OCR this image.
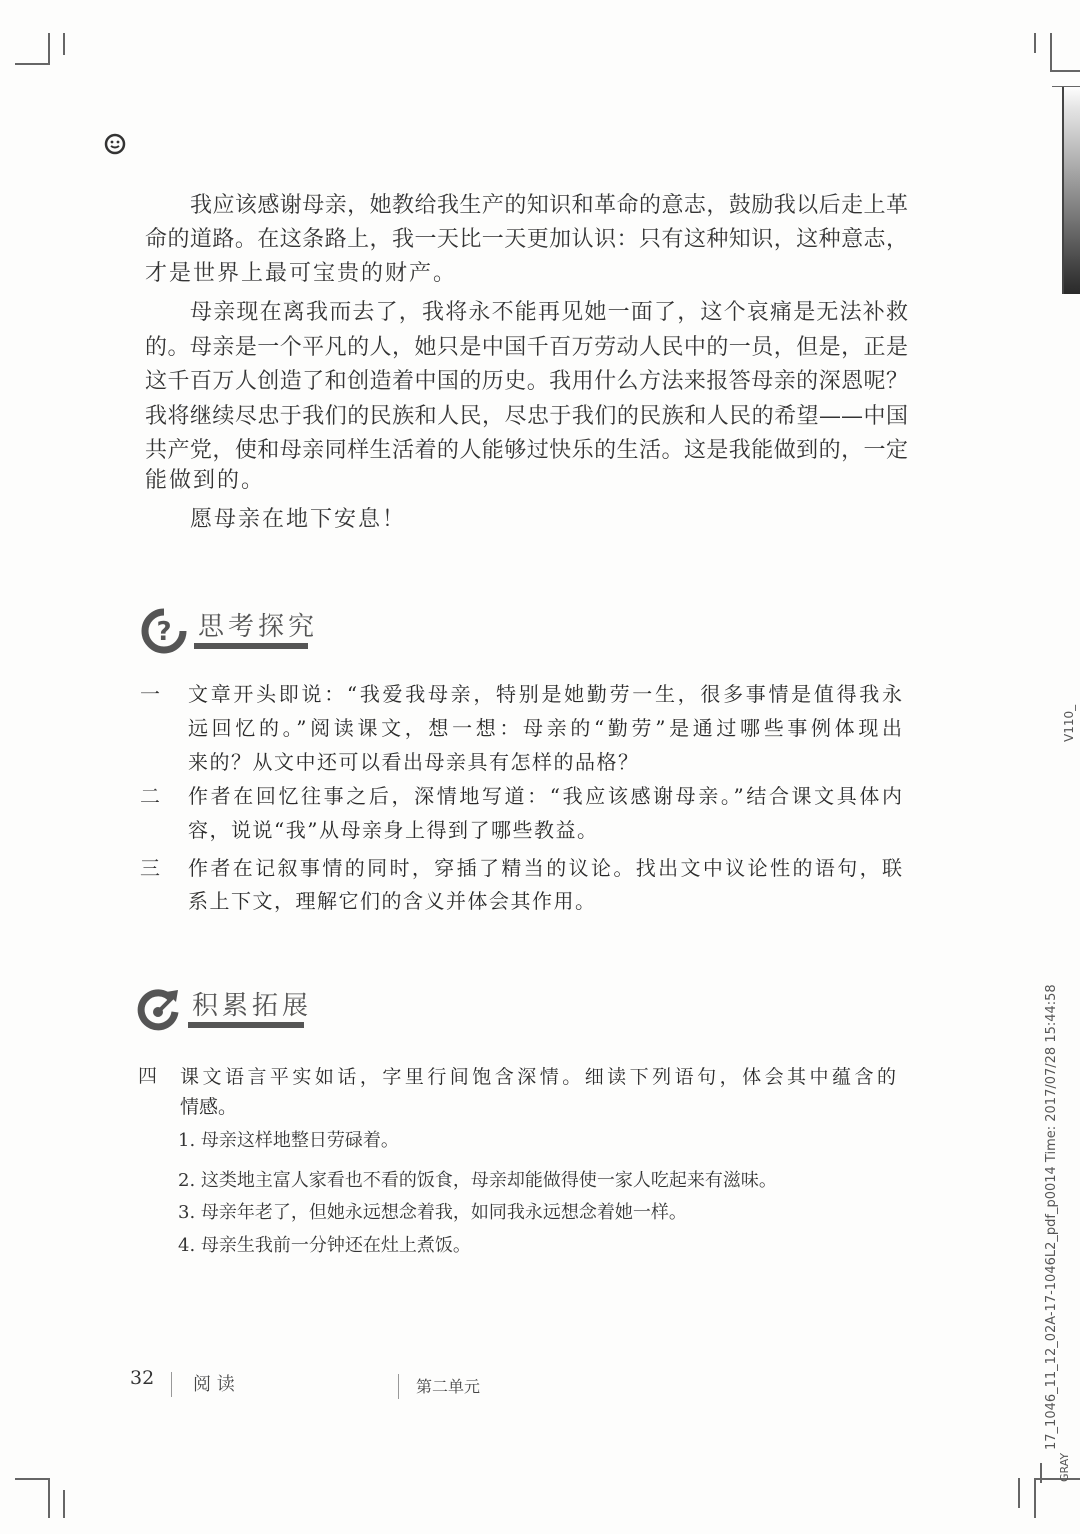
我应该感谢母亲，她教给我生产的知识和革命的意志，鼓励我以后走上革
命的道路。在这条路上，我一天比一天更加认识：只有这种知识，这种意志，
才是世界上最可宝贵的财产。
母亲现在离我而去了，我将永不能再见她一面了，这个哀痛是无法补救
的。母亲是一个平凡的人，她只是中国千百万劳动人民中的一员，但是，正是
这千百万人创造了和创造着中国的历史。我用什么方法来报答母亲的深恩呢？
我将继续尽忠于我们的民族和人民，尽忠于我们的民族和人民的希望——中国
共产党，使和母亲同样生活着的人能够过快乐的生活。这是我能做到的，一定
能做到的。
愿母亲在地下安息！
? 思考探究
一 文章开头即说：“我爱我母亲，特别是她勤劳一生，很多事情是值得我永
远回忆的。”阅读课文，想一想：母亲的“勤劳”是通过哪些事例体现出
来的？从文中还可以看出母亲具有怎样的品格？
二 作者在回忆往事之后，深情地写道：“我应该感谢母亲。”结合课文具体内
容，说说“我”从母亲身上得到了哪些教益。
三 作者在记叙事情的同时，穿插了精当的议论。找出文中议论性的语句，联
系上下文，理解它们的含义并体会其作用。
积累拓展
四 课文语言平实如话，字里行间饱含深情。细读下列语句，体会其中蕴含的
情感。
1. 母亲这样地整日劳碌着。
2. 这类地主富人家看也不看的饭食，母亲却能做得使一家人吃起来有滋味。
3. 母亲年老了，但她永远想念着我，如同我永远想念着她一样。
4. 母亲生我前一分钟还在灶上煮饭。
32 阅 读	第二单元
V110_
17_1046_11_12_02A-17-1046L2_pdf_p0014 Time: 2017/07/28 15:44:58
GRAY
